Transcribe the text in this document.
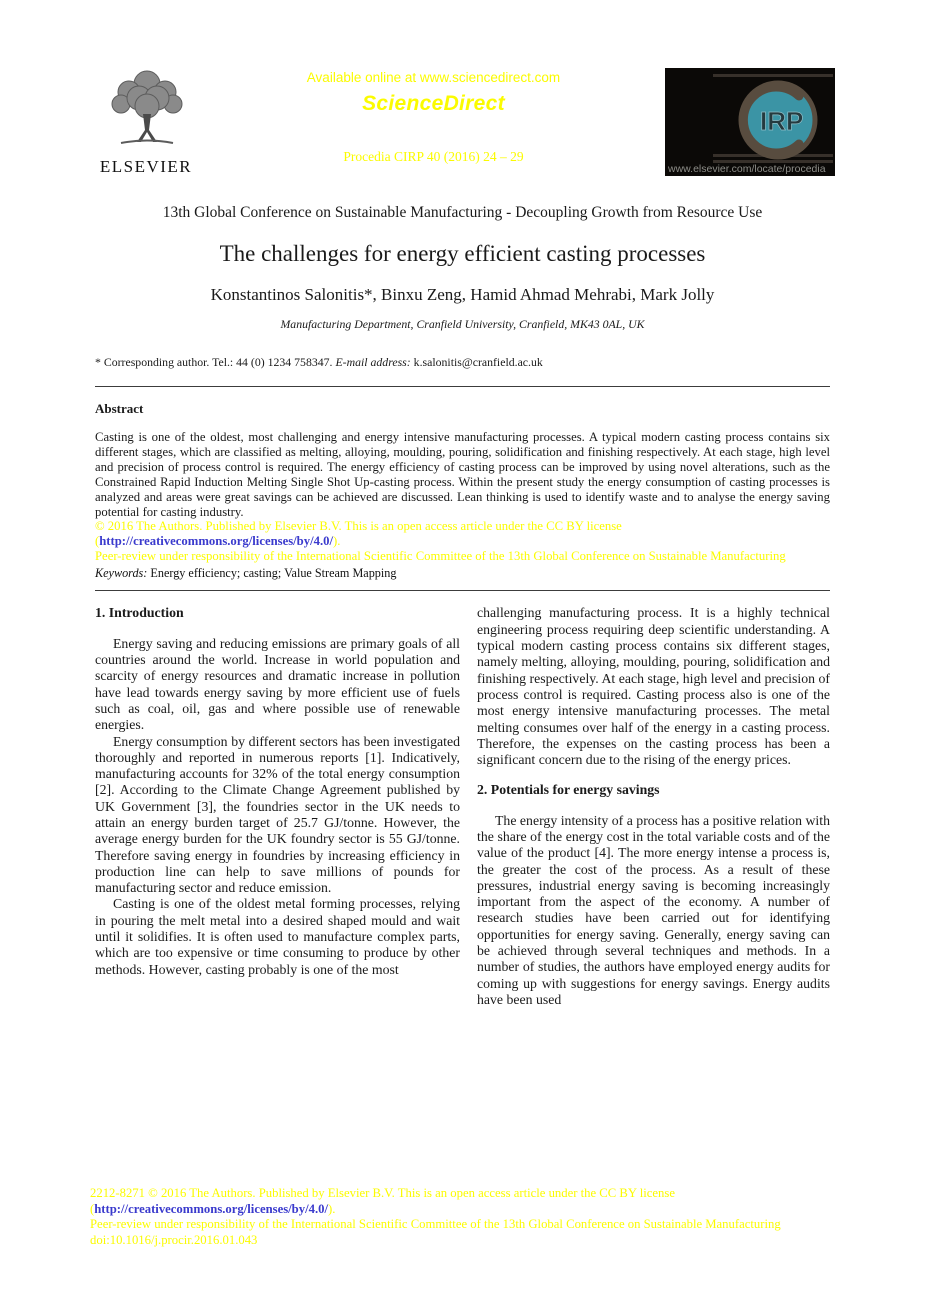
ELSEVIER
Available online at www.sciencedirect.com
ScienceDirect
Procedia CIRP 40 (2016) 24 – 29
IRP
www.elsevier.com/locate/procedia
13th Global Conference on Sustainable Manufacturing - Decoupling Growth from Resource Use
The challenges for energy efficient casting processes
Konstantinos Salonitis*, Binxu Zeng, Hamid Ahmad Mehrabi, Mark Jolly
Manufacturing Department, Cranfield University, Cranfield, MK43 0AL, UK
* Corresponding author. Tel.: 44 (0) 1234 758347. E-mail address: k.salonitis@cranfield.ac.uk
Abstract
Casting is one of the oldest, most challenging and energy intensive manufacturing processes. A typical modern casting process contains six different stages, which are classified as melting, alloying, moulding, pouring, solidification and finishing respectively. At each stage, high level and precision of process control is required. The energy efficiency of casting process can be improved by using novel alterations, such as the Constrained Rapid Induction Melting Single Shot Up-casting process. Within the present study the energy consumption of casting processes is analyzed and areas were great savings can be achieved are discussed. Lean thinking is used to identify waste and to analyse the energy saving potential for casting industry.
© 2016 The Authors. Published by Elsevier B.V. This is an open access article under the CC BY license
(http://creativecommons.org/licenses/by/4.0/).
Peer-review under responsibility of the International Scientific Committee of the 13th Global Conference on Sustainable Manufacturing
Keywords: Energy efficiency; casting; Value Stream Mapping
1. Introduction

Energy saving and reducing emissions are primary goals of all countries around the world. Increase in world population and scarcity of energy resources and dramatic increase in pollution have lead towards energy saving by more efficient use of fuels such as coal, oil, gas and where possible use of renewable energies.

Energy consumption by different sectors has been investigated thoroughly and reported in numerous reports [1]. Indicatively, manufacturing accounts for 32% of the total energy consumption [2]. According to the Climate Change Agreement published by UK Government [3], the foundries sector in the UK needs to attain an energy burden target of 25.7 GJ/tonne. However, the average energy burden for the UK foundry sector is 55 GJ/tonne. Therefore saving energy in foundries by increasing efficiency in production line can help to save millions of pounds for manufacturing sector and reduce emission.

Casting is one of the oldest metal forming processes, relying in pouring the melt metal into a desired shaped mould and wait until it solidifies. It is often used to manufacture complex parts, which are too expensive or time consuming to produce by other methods. However, casting probably is one of the most

challenging manufacturing process. It is a highly technical engineering process requiring deep scientific understanding. A typical modern casting process contains six different stages, namely melting, alloying, moulding, pouring, solidification and finishing respectively. At each stage, high level and precision of process control is required. Casting process also is one of the most energy intensive manufacturing processes. The metal melting consumes over half of the energy in a casting process. Therefore, the expenses on the casting process has been a significant concern due to the rising of the energy prices.

2. Potentials for energy savings

The energy intensity of a process has a positive relation with the share of the energy cost in the total variable costs and of the value of the product [4]. The more energy intense a process is, the greater the cost of the process. As a result of these pressures, industrial energy saving is becoming increasingly important from the aspect of the economy. A number of research studies have been carried out for identifying opportunities for energy saving. Generally, energy saving can be achieved through several techniques and methods. In a number of studies, the authors have employed energy audits for coming up with suggestions for energy savings. Energy audits have been used

2212-8271 © 2016 The Authors. Published by Elsevier B.V. This is an open access article under the CC BY license
(http://creativecommons.org/licenses/by/4.0/).
Peer-review under responsibility of the International Scientific Committee of the 13th Global Conference on Sustainable Manufacturing
doi:10.1016/j.procir.2016.01.043
